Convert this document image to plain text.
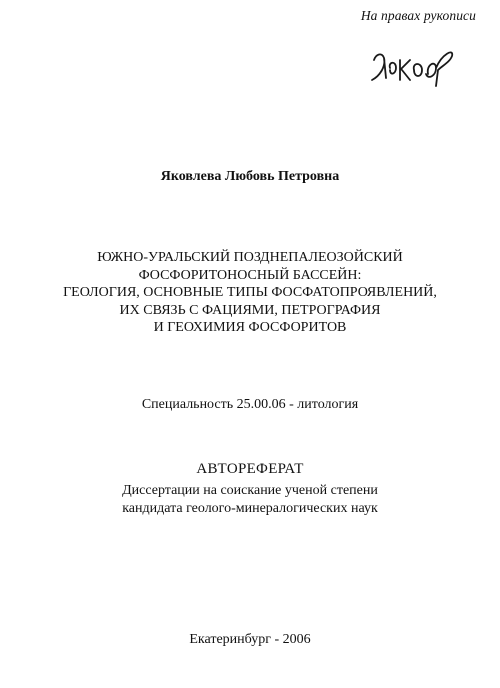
На правах рукописи
Яковлева Любовь Петровна
ЮЖНО-УРАЛЬСКИЙ ПОЗДНЕПАЛЕОЗОЙСКИЙ
ФОСФОРИТОНОСНЫЙ БАССЕЙН:
ГЕОЛОГИЯ, ОСНОВНЫЕ ТИПЫ ФОСФАТОПРОЯВЛЕНИЙ,
ИХ СВЯЗЬ С ФАЦИЯМИ, ПЕТРОГРАФИЯ
И ГЕОХИМИЯ ФОСФОРИТОВ
Специальность 25.00.06 - литология
АВТОРЕФЕРАТ
Диссертации на соискание ученой степени
кандидата геолого-минералогических наук
Екатеринбург - 2006
